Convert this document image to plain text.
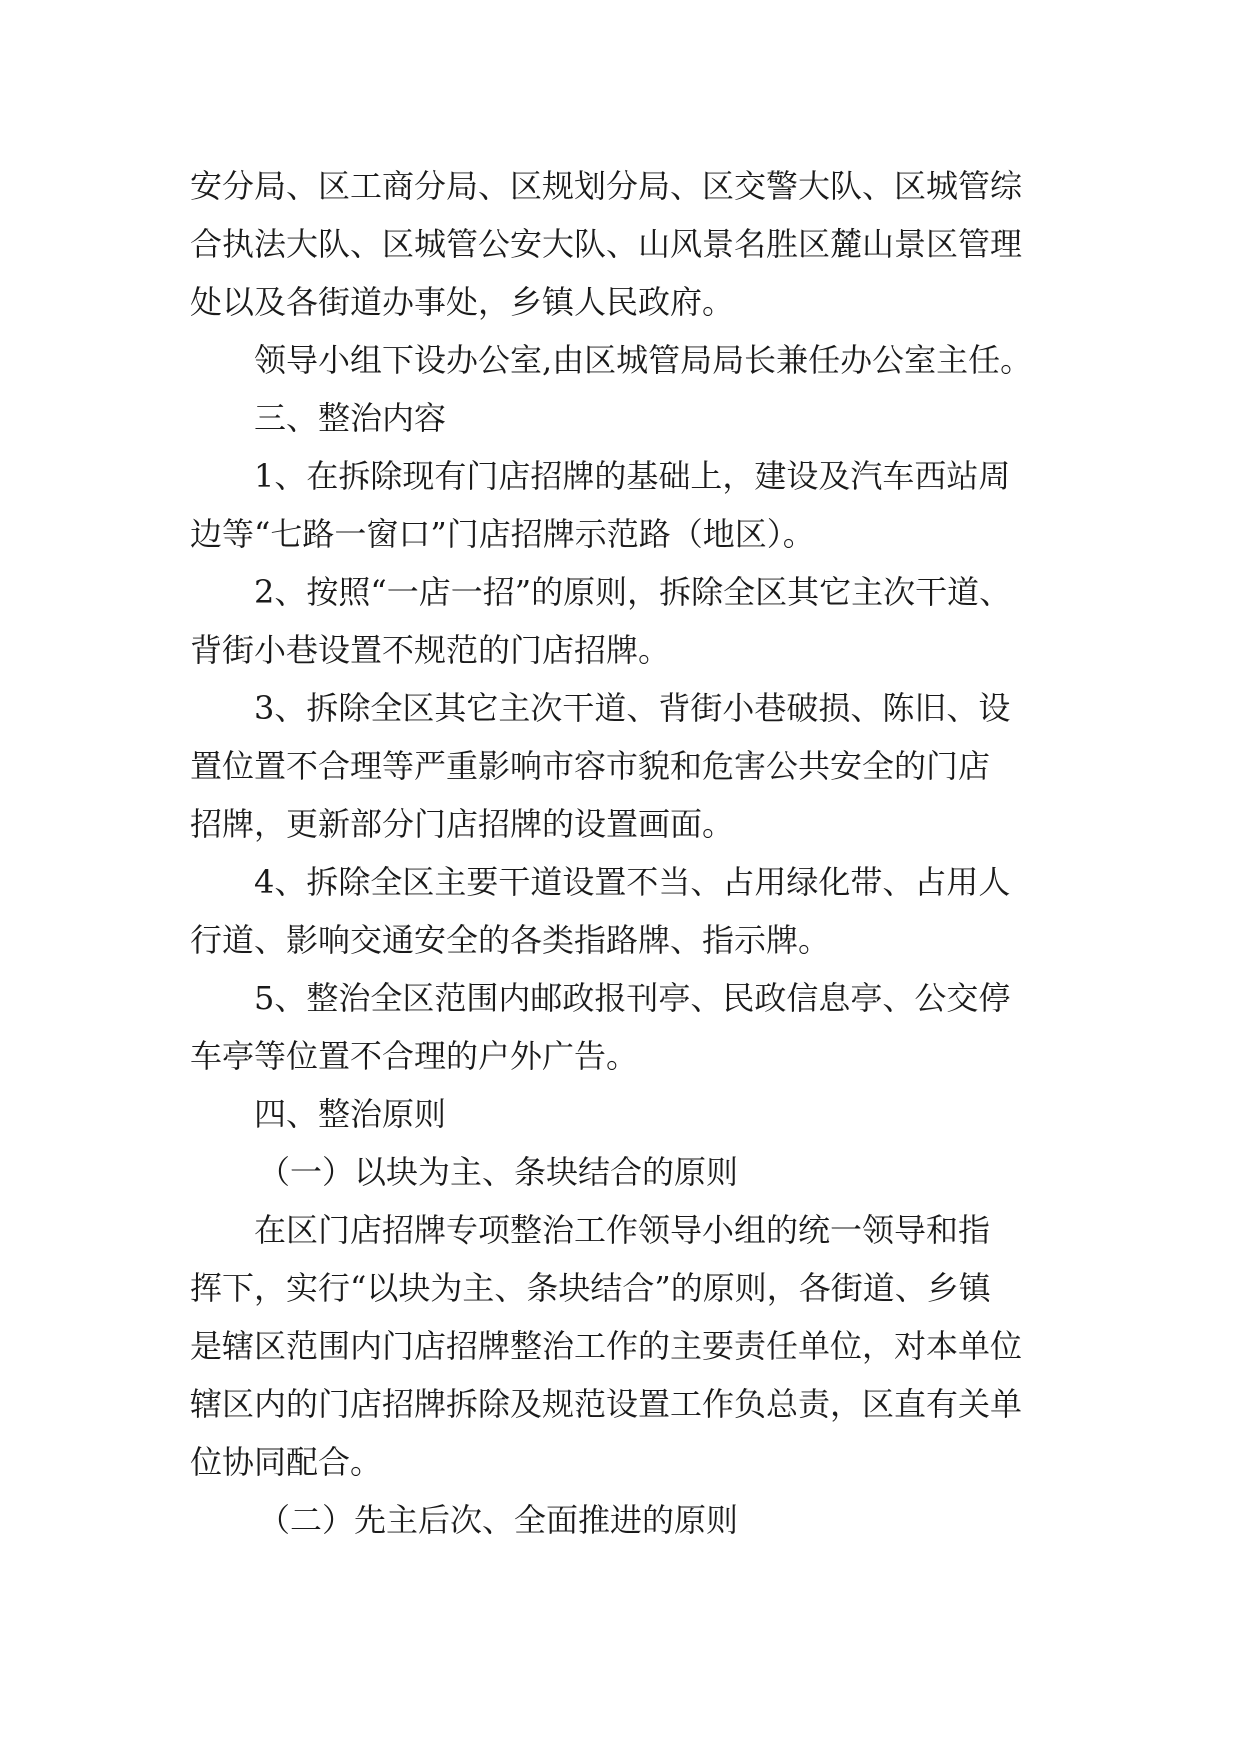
安分局、区工商分局、区规划分局、区交警大队、区城管综
合执法大队、区城管公安大队、山风景名胜区麓山景区管理
处以及各街道办事处，乡镇人民政府。
领导小组下设办公室,由区城管局局长兼任办公室主任。
三、整治内容
1、在拆除现有门店招牌的基础上，建设及汽车西站周
边等“七路一窗口”门店招牌示范路（地区）。
2、按照“一店一招”的原则，拆除全区其它主次干道、
背街小巷设置不规范的门店招牌。
3、拆除全区其它主次干道、背街小巷破损、陈旧、设
置位置不合理等严重影响市容市貌和危害公共安全的门店
招牌，更新部分门店招牌的设置画面。
4、拆除全区主要干道设置不当、占用绿化带、占用人
行道、影响交通安全的各类指路牌、指示牌。
5、整治全区范围内邮政报刊亭、民政信息亭、公交停
车亭等位置不合理的户外广告。
四、整治原则
（一）以块为主、条块结合的原则
在区门店招牌专项整治工作领导小组的统一领导和指
挥下，实行“以块为主、条块结合”的原则，各街道、乡镇
是辖区范围内门店招牌整治工作的主要责任单位，对本单位
辖区内的门店招牌拆除及规范设置工作负总责，区直有关单
位协同配合。
（二）先主后次、全面推进的原则
